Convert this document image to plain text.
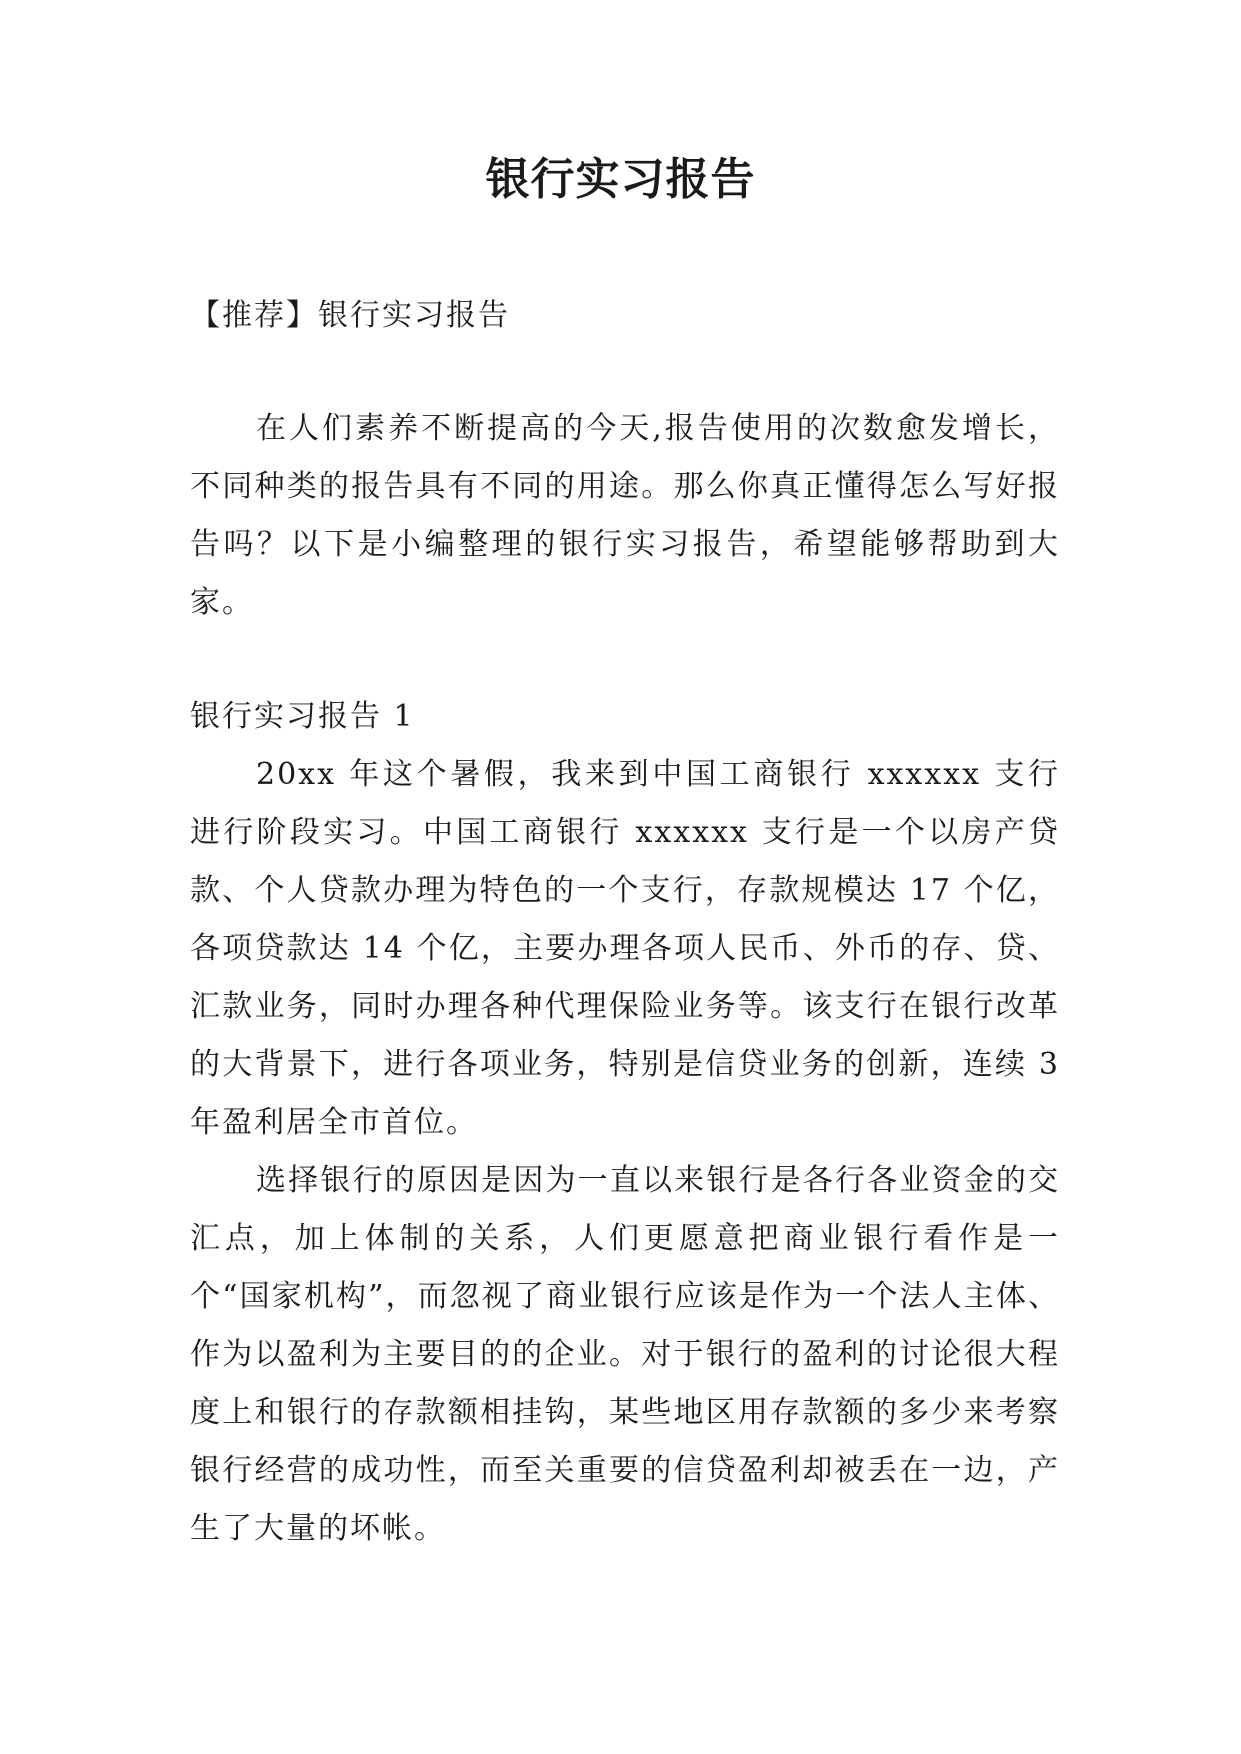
银行实习报告

【推荐】银行实习报告

在人们素养不断提高的今天,报告使用的次数愈发增长，不同种类的报告具有不同的用途。那么你真正懂得怎么写好报告吗？以下是小编整理的银行实习报告，希望能够帮助到大家。

银行实习报告 1

20xx 年这个暑假，我来到中国工商银行 xxxxxx 支行进行阶段实习。中国工商银行 xxxxxx 支行是一个以房产贷款、个人贷款办理为特色的一个支行，存款规模达 17 个亿，各项贷款达 14 个亿，主要办理各项人民币、外币的存、贷、汇款业务，同时办理各种代理保险业务等。该支行在银行改革的大背景下，进行各项业务，特别是信贷业务的创新，连续 3 年盈利居全市首位。

选择银行的原因是因为一直以来银行是各行各业资金的交汇点，加上体制的关系，人们更愿意把商业银行看作是一个“国家机构”，而忽视了商业银行应该是作为一个法人主体、作为以盈利为主要目的的企业。对于银行的盈利的讨论很大程度上和银行的存款额相挂钩，某些地区用存款额的多少来考察银行经营的成功性，而至关重要的信贷盈利却被丢在一边，产生了大量的坏帐。
